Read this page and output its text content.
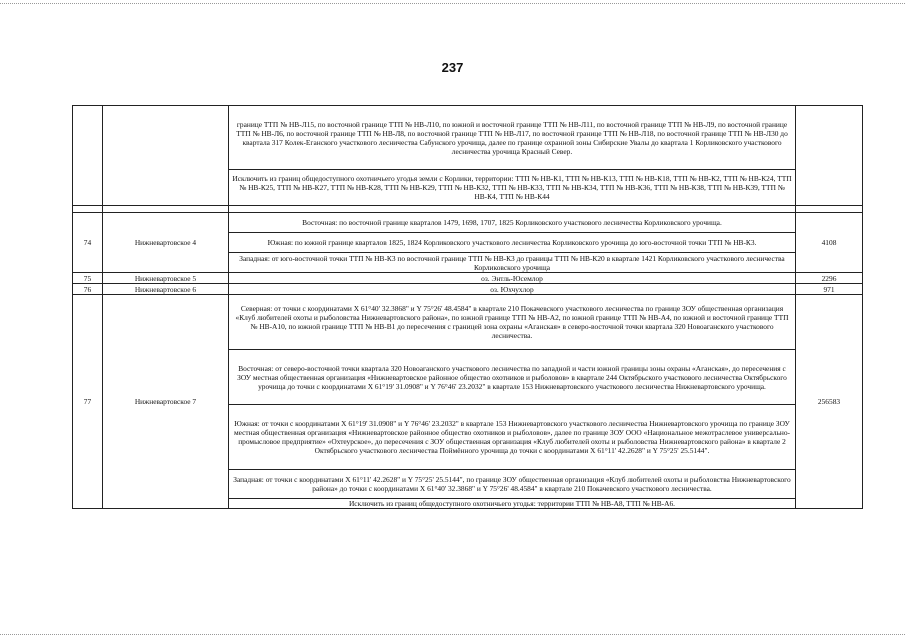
237
		границе ТТП № НВ-Л15, по восточной границе ТТП № НВ-Л10, по южной и восточной границе ТТП № НВ-Л11, по восточной границе ТТП № НВ-Л9, по восточной границе ТТП № НВ-Л6, по восточной границе ТТП № НВ-Л8, по восточной границе ТТП № НВ-Л17, по восточной границе ТТП № НВ-Л18, по восточной границе ТТП № НВ-Л30 до квартала 317 Колек-Еганского участкового лесничества Сабунского урочища, далее по границе охранной зоны Сибирские Увалы до квартала 1 Корликовского участкового лесничества урочища Красный Север.	
		Исключить из границ общедоступного охотничьего угодья земли с Корлики, территории: ТТП № НВ-К1, ТТП № НВ-К13, ТТП № НВ-К18, ТТП № НВ-К2, ТТП № НВ-К24, ТТП № НВ-К25, ТТП № НВ-К27, ТТП № НВ-К28, ТТП № НВ-К29, ТТП № НВ-К32, ТТП № НВ-К33, ТТП № НВ-К34, ТТП № НВ-К36, ТТП № НВ-К38, ТТП № НВ-К39, ТТП № НВ-К4, ТТП № НВ-К44	

74	Нижневартовское 4	Восточная: по восточной границе кварталов 1479, 1698, 1707, 1825 Корликовского участкового лесничества Корликовского урочища.	4108
		Южная: по южной границе кварталов 1825, 1824 Корликовского участкового лесничества Корликовского урочища до юго-восточной точки ТТП № НВ-К3.	
		Западная: от юго-восточной точки ТТП № НВ-К3 по восточной границе ТТП № НВ-К3 до границы ТТП № НВ-К20 в квартале 1421 Корликовского участкового лесничества Корликовского урочища	
75	Нижневартовское 5	оз. Энтль-Юсемлор	2296
76	Нижневартовское 6	оз. Юхчухлор	971
77	Нижневартовское 7	Северная: от точки с координатами Х 61°40' 32.3868" и Y 75°26' 48.4584" в квартале 210 Покачевского участкового лесничества по границе ЗОУ общественная организация «Клуб любителей охоты и рыболовства Нижневартовского района», по южной границе ТТП № НВ-А2, по южной границе ТТП № НВ-А4, по южной и восточной границе ТТП № НВ-А10, по южной границе ТТП № НВ-В1 до пересечения с границей зона охраны «Аганская» в северо-восточной точки квартала 320 Новоаганского участкового лесничества.	256583
		Восточная: от северо-восточной точки квартала 320 Новоаганского участкового лесничества по западной и части южной границы зоны охраны «Аганская», до пересечения с ЗОУ местная общественная организация «Нижневартовское районное общество охотников и рыболовов» в квартале 244 Октябрьского участкового лесничества Октябрьского урочища до точки с координатами Х 61°19' 31.0908" и Y 76°46' 23.2032" в квартале 153 Нижневартовского участкового лесничества Нижневартовского урочища.	
		Южная: от точки с координатами Х 61°19' 31.0908" и Y 76°46' 23.2032" в квартале 153 Нижневартовского участкового лесничества Нижневартовского урочища по границе ЗОУ местная общественная организация «Нижневартовское районное общество охотников и рыболовов», далее по границе ЗОУ ООО «Национальное межотраслевое универсально- промысловое предприятие» «Охтеурское», до пересечения с ЗОУ общественная организация «Клуб любителей охоты и рыболовства Нижневартовского района» в квартале 2 Октябрьского участкового лесничества Поймённого урочища до точки с координатами Х 61°11' 42.2628" и Y 75°25' 25.5144".	
		Западная: от точки с координатами Х 61°11' 42.2628" и Y 75°25' 25.5144", по границе ЗОУ общественная организация «Клуб любителей охоты и рыболовства Нижневартовского района» до точки с координатами Х 61°40' 32.3868" и Y 75°26' 48.4584" в квартале 210 Покачевского участкового лесничества.	
		Исключить из границ общедоступного охотничьего угодья: территории ТТП № НВ-А8, ТТП № НВ-А6.	
